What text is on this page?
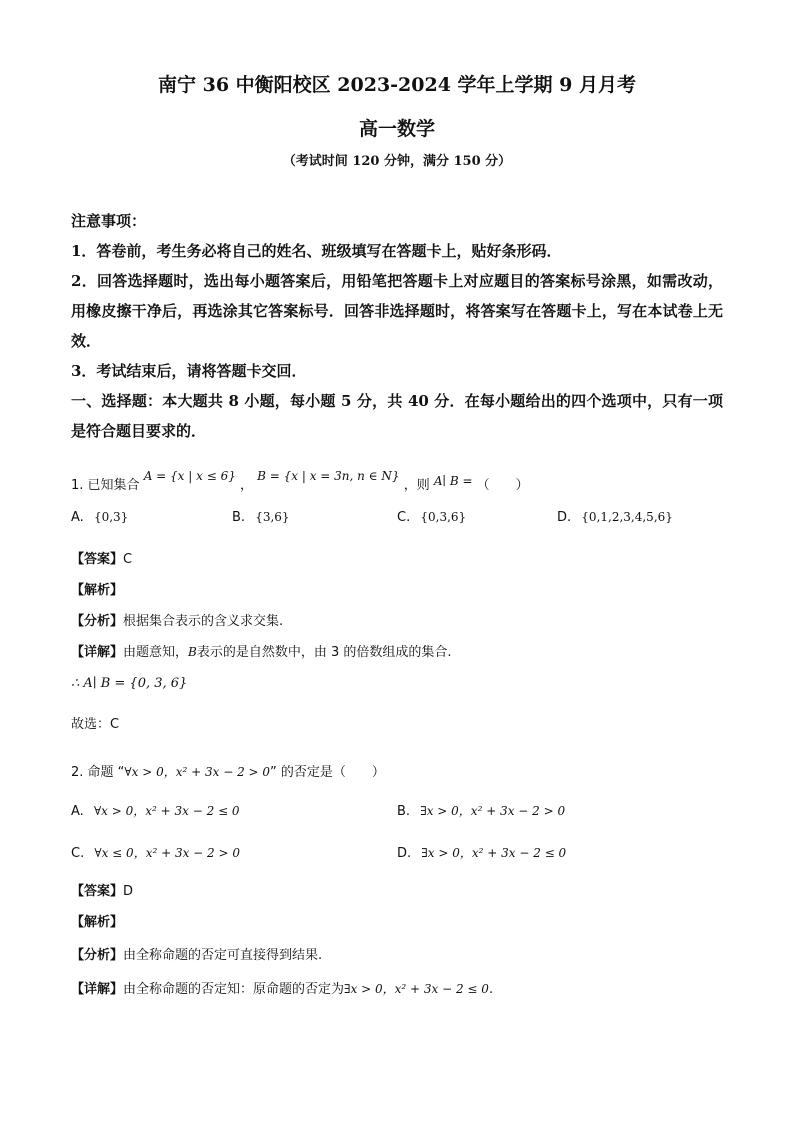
南宁 36 中衡阳校区 2023-2024 学年上学期 9 月月考
高一数学
（考试时间 120 分钟，满分 150 分）

注意事项：

1．答卷前，考生务必将自己的姓名、班级填写在答题卡上，贴好条形码．

2．回答选择题时，选出每小题答案后，用铅笔把答题卡上对应题目的答案标号涂黑，如需改动，用橡皮擦干净后，再选涂其它答案标号．回答非选择题时，将答案写在答题卡上，写在本试卷上无效．

3．考试结束后，请将答题卡交回．

一、选择题：本大题共 8 小题，每小题 5 分，共 40 分．在每小题给出的四个选项中，只有一项是符合题目要求的．

1. 已知集合 A = {x | x ≤ 6} ， B = {x | x = 3n, n ∈ N} ，则 A∣ B = （　　）
A. {0,3}	B. {3,6}	C. {0,3,6}	D. {0,1,2,3,4,5,6}
【答案】C
【解析】
【分析】根据集合表示的含义求交集.
【详解】由题意知，B表示的是自然数中，由 3 的倍数组成的集合.
∴ A∣ B = {0, 3, 6}
故选：C
2. 命题 “∀x > 0，x² + 3x − 2 > 0” 的否定是（　　）
A. ∀x > 0，x² + 3x − 2 ≤ 0	B. ∃x > 0，x² + 3x − 2 > 0
C. ∀x ≤ 0，x² + 3x − 2 > 0	D. ∃x > 0，x² + 3x − 2 ≤ 0
【答案】D
【解析】
【分析】由全称命题的否定可直接得到结果.
【详解】由全称命题的否定知：原命题的否定为∃x > 0，x² + 3x − 2 ≤ 0.
